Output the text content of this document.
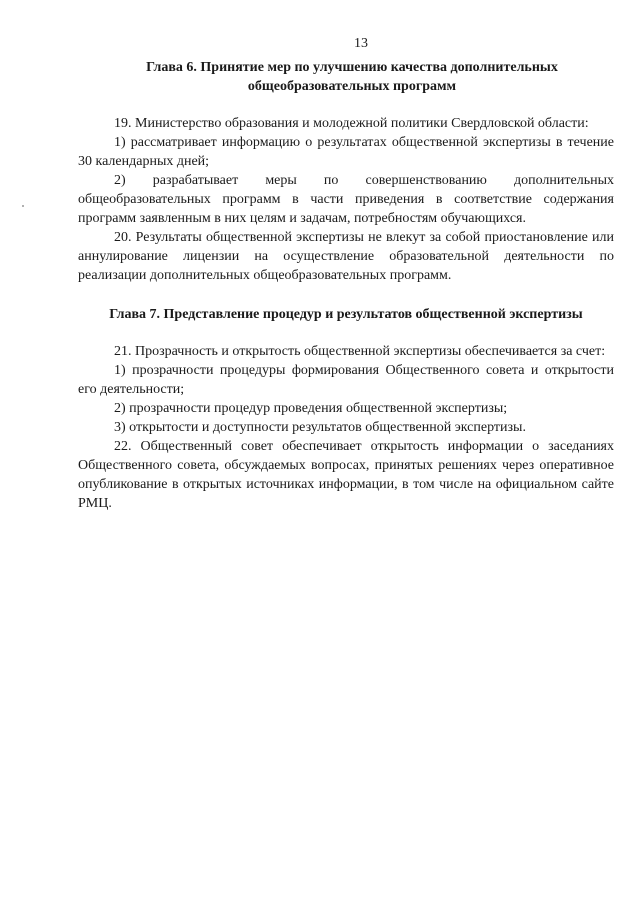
13
Глава 6. Принятие мер по улучшению качества дополнительных общеобразовательных программ

19. Министерство образования и молодежной политики Свердловской области:

1) рассматривает информацию о результатах общественной экспертизы в течение 30 календарных дней;

2) разрабатывает меры по совершенствованию дополнительных общеобразовательных программ в части приведения в соответствие содержания программ заявленным в них целям и задачам, потребностям обучающихся.

20. Результаты общественной экспертизы не влекут за собой приостановление или аннулирование лицензии на осуществление образовательной деятельности по реализации дополнительных общеобразовательных программ.

Глава 7. Представление процедур и результатов общественной экспертизы

21. Прозрачность и открытость общественной экспертизы обеспечивается за счет:

1) прозрачности процедуры формирования Общественного совета и открытости его деятельности;

2) прозрачности процедур проведения общественной экспертизы;

3) открытости и доступности результатов общественной экспертизы.

22. Общественный совет обеспечивает открытость информации о заседаниях Общественного совета, обсуждаемых вопросах, принятых решениях через оперативное опубликование в открытых источниках информации, в том числе на официальном сайте РМЦ.
